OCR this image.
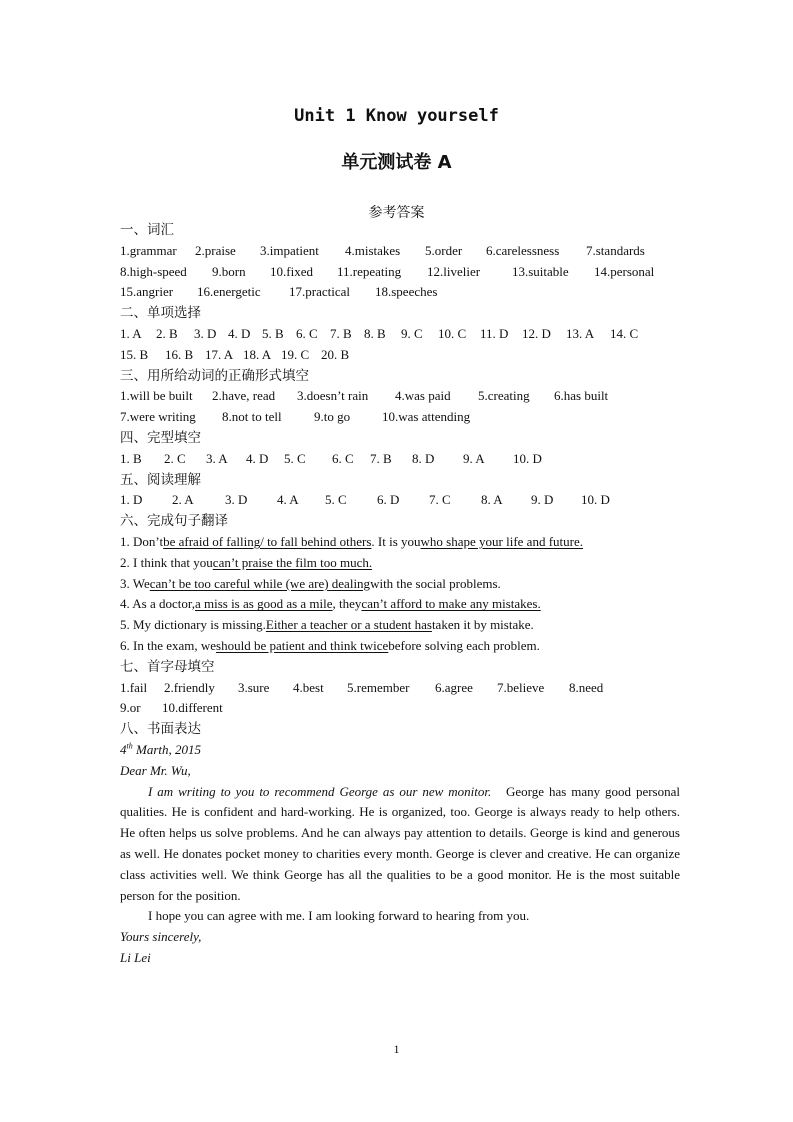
Unit 1 Know yourself
单元测试卷 A
参考答案
一、词汇
1.grammar 2.praise 3.impatient 4.mistakes 5.order 6.carelessness 7.standards
8.high-speed 9.born 10.fixed 11.repeating 12.livelier 13.suitable 14.personal
15.angrier 16.energetic 17.practical 18.speeches
二、单项选择
1. A 2. B 3. D 4. D 5. B 6. C 7. B 8. B 9. C 10. C 11. D 12. D 13. A 14. C
15. B 16. B 17. A 18. A 19. C 20. B
三、用所给动词的正确形式填空
1.will be built 2.have, read 3.doesn’t rain 4.was paid 5.creating 6.has built
7.were writing 8.not to tell 9.to go 10.was attending
四、完型填空
1. B 2. C 3. A 4. D 5. C 6. C 7. B 8. D 9. A 10. D
五、阅读理解
1. D 2. A 3. D 4. A 5. C 6. D 7. C 8. A 9. D 10. D
六、完成句子翻译
1. Don’tbe afraid of falling/ to fall behind others. It is youwho shape your life and future.
2. I think that youcan’t praise the film too much.
3. Wecan’t be too careful while (we are) dealingwith the social problems.
4. As a doctor,a miss is as good as a mile, theycan’t afford to make any mistakes.
5. My dictionary is missing.Either a teacher or a student hastaken it by mistake.
6. In the exam, weshould be patient and think twicebefore solving each problem.
七、首字母填空
1.fail 2.friendly 3.sure 4.best 5.remember 6.agree 7.believe 8.need
9.or 10.different
八、书面表达
4th Marth, 2015
Dear Mr. Wu,
I am writing to you to recommend George as our new monitor.   George has many good personal qualities. He is confident and hard-working. He is organized, too. George is always ready to help others. He often helps us solve problems. And he can always pay attention to details. George is kind and generous as well. He donates pocket money to charities every month. George is clever and creative. He can organize class activities well. We think George has all the qualities to be a good monitor. He is the most suitable person for the position.
I hope you can agree with me. I am looking forward to hearing from you.
Yours sincerely,
Li Lei
1
